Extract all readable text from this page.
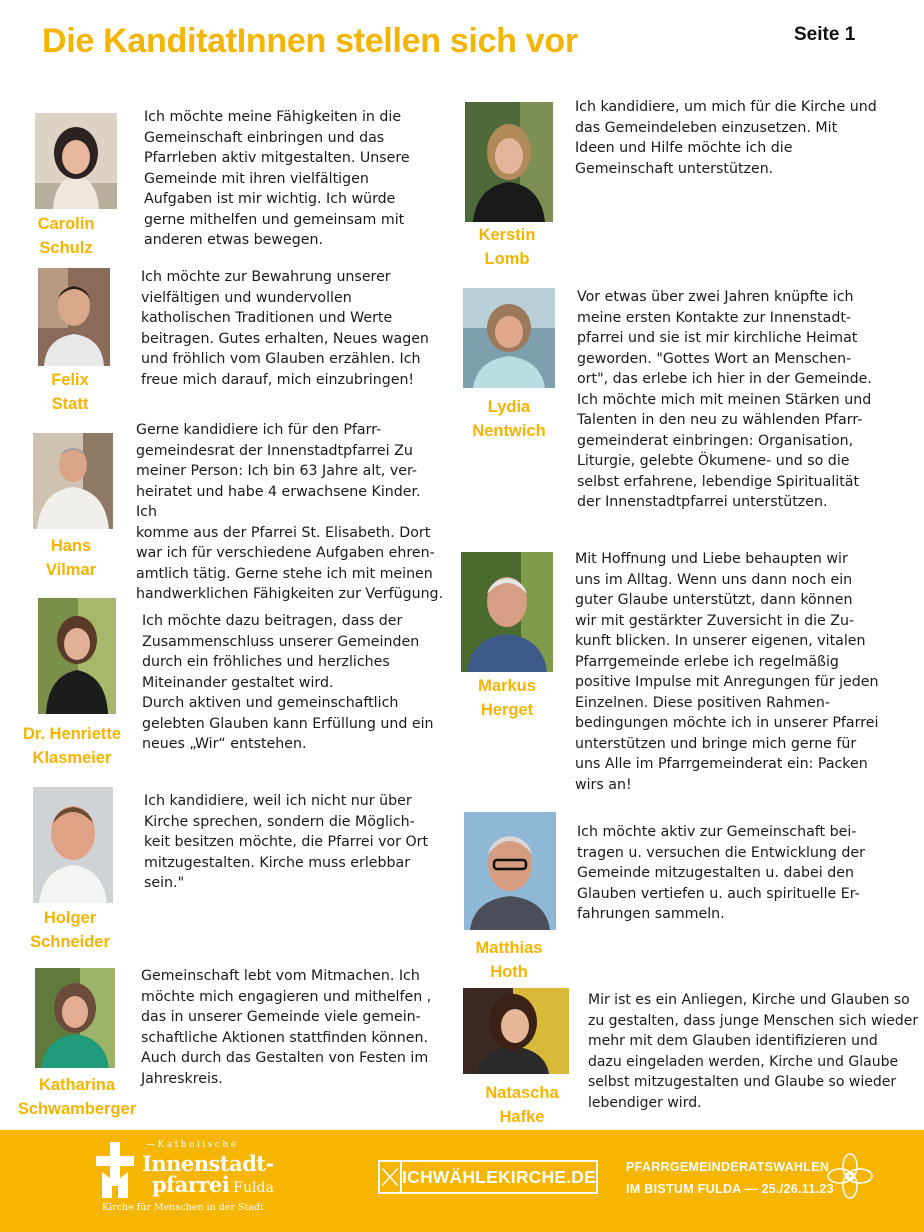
Die KanditatInnen stellen sich vor	Seite 1
Carolin
Schulz
Ich möchte meine Fähigkeiten in die
Gemeinschaft einbringen und das
Pfarrleben aktiv mitgestalten. Unsere
Gemeinde mit ihren vielfältigen
Aufgaben ist mir wichtig. Ich würde
gerne mithelfen und gemeinsam mit
anderen etwas bewegen.
Felix
Statt
Ich möchte zur Bewahrung unserer
vielfältigen und wundervollen
katholischen Traditionen und Werte
beitragen. Gutes erhalten, Neues wagen
und fröhlich vom Glauben erzählen. Ich
freue mich darauf, mich einzubringen!
Hans
Vilmar
Gerne kandidiere ich für den Pfarr-
gemeindesrat der Innenstadtpfarrei Zu
meiner Person: Ich bin 63 Jahre alt, ver-
heiratet und habe 4 erwachsene Kinder. Ich
komme aus der Pfarrei St. Elisabeth. Dort
war ich für verschiedene Aufgaben ehren-
amtlich tätig. Gerne stehe ich mit meinen
handwerklichen Fähigkeiten zur Verfügung.
Dr. Henriette
Klasmeier
Ich möchte dazu beitragen, dass der
Zusammenschluss unserer Gemeinden
durch ein fröhliches und herzliches
Miteinander gestaltet wird.
Durch aktiven und gemeinschaftlich
gelebten Glauben kann Erfüllung und ein
neues „Wir“ entstehen.
Holger
Schneider
Ich kandidiere, weil ich nicht nur über
Kirche sprechen, sondern die Möglich-
keit besitzen möchte, die Pfarrei vor Ort
mitzugestalten. Kirche muss erlebbar
sein."
Katharina
Schwamberger
Gemeinschaft lebt vom Mitmachen. Ich
möchte mich engagieren und mithelfen ,
das in unserer Gemeinde viele gemein-
schaftliche Aktionen stattfinden können.
Auch durch das Gestalten von Festen im
Jahreskreis.
Kerstin
Lomb
Ich kandidiere, um mich für die Kirche und
das Gemeindeleben einzusetzen. Mit
Ideen und Hilfe möchte ich die
Gemeinschaft unterstützen.
Lydia
Nentwich
Vor etwas über zwei Jahren knüpfte ich
meine ersten Kontakte zur Innenstadt-
pfarrei und sie ist mir kirchliche Heimat
geworden. "Gottes Wort an Menschen-
ort", das erlebe ich hier in der Gemeinde.
Ich möchte mich mit meinen Stärken und
Talenten in den neu zu wählenden Pfarr-
gemeinderat einbringen: Organisation,
Liturgie, gelebte Ökumene- und so die
selbst erfahrene, lebendige Spiritualität
der Innenstadtpfarrei unterstützen.
Markus
Herget
Mit Hoffnung und Liebe behaupten wir
uns im Alltag. Wenn uns dann noch ein
guter Glaube unterstützt, dann können
wir mit gestärkter Zuversicht in die Zu-
kunft blicken. In unserer eigenen, vitalen
Pfarrgemeinde erlebe ich regelmäßig
positive Impulse mit Anregungen für jeden
Einzelnen. Diese positiven Rahmen-
bedingungen möchte ich in unserer Pfarrei
unterstützen und bringe mich gerne für
uns Alle im Pfarrgemeinderat ein: Packen
wirs an!
Matthias
Hoth
Ich möchte aktiv zur Gemeinschaft bei-
tragen u. versuchen die Entwicklung der
Gemeinde mitzugestalten u. dabei den
Glauben vertiefen u. auch spirituelle Er-
fahrungen sammeln.
Natascha
Hafke
Mir ist es ein Anliegen, Kirche und Glauben so
zu gestalten, dass junge Menschen sich wieder
mehr mit dem Glauben identifizieren und
dazu eingeladen werden, Kirche und Glaube
selbst mitzugestalten und Glaube so wieder
lebendiger wird.
—Katholische
Innenstadt-
pfarrei Fulda
Kirche für Menschen in der Stadt
ICHWÄHLEKIRCHE.DE PFARRGEMEINDERATSWAHLEN
IM BISTUM FULDA — 25./26.11.23
